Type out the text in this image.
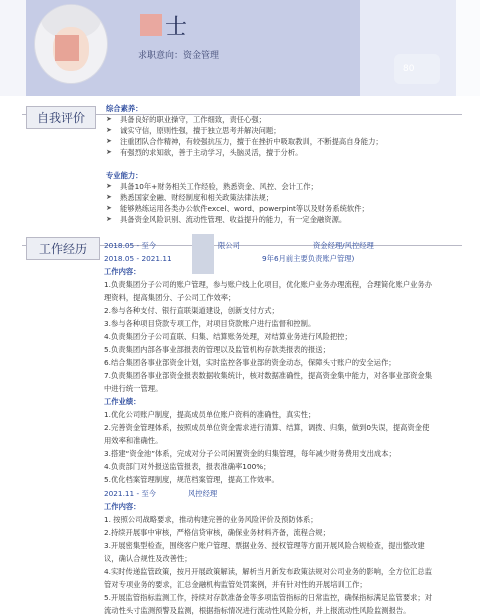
士
求职意向：资金管理
80
自我评价
综合素养：
➤ 具备良好的职业操守，工作细致，责任心强；
➤ 诚实守信，原则性强，擅于独立思考并解决问题；
➤ 注重团队合作精神，有较强抗压力，擅于在挫折中吸取教训，不断提高自身能力；
➤ 有强烈的求知欲，善于主动学习，头脑灵活，擅于分析。
专业能力：
➤ 具备10年+财务相关工作经验，熟悉资金、风控、会计工作；
➤ 熟悉国家金融、财经制度和相关政策法律法规；
➤ 能够熟练运用各类办公软件excel、word、powerpint等以及财务系统软件；
➤ 具备资金风险识别、流动性管理、收益提升的能力，有一定金融资源。
工作经历	2018.05 - 至今	限公司	资金经理/风控经理
2018.05 - 2021.11	9年6月前主要负责账户管理)
工作内容：
1.负责集团分子公司的账户管理，参与账户线上化项目，优化账户业务办理流程，合理简化账户业务办
理资料，提高集团分、子公司工作效率；
2.参与各种支付、银行直联渠道建设，创新支付方式；
3.参与各种项目贷款专项工作，对项目贷款账户进行监督和控制。
4.负责集团分子公司直联、归集、结算账务处理，对结算业务进行风险把控；
5.负责集团内部各事业部报表的管理以及监管机构存款类报表的报送；
6.结合集团各事业部资金计划，实时监控各事业部的资金动态，保障头寸账户的安全运作；
7.负责集团各事业部资金报表数据收集统计，核对数据准确性，提高资金集中能力，对各事业部资金集
中进行统一管理。
工作业绩：
1.优化公司账户制度，提高成员单位账户资料的准确性，真实性；
2.完善资金管理体系，按照成员单位资金需求进行清算、结算，调拨、归集，做到0失误，提高资金使
用效率和准确性。
3.搭建“资金池”体系，完成对分子公司闲置资金的归集管理，每年减少财务费用支出成本；
4.负责部门对外报送监管报表，报表准确率100%；
5.优化档案管理制度，规范档案管理，提高工作效率。
2021.11 - 至今	风控经理
工作内容：
1. 按照公司战略要求，推动构建完善的业务风险评价及预防体系；
2.持续开展事中审核，严格信贷审核，确保业务材料齐备，流程合规；
3.开展密集型检查，围绕客户账户管理、票据业务、授权管理等方面开展风险合规检查，提出整改建
议，确认合规性及改善性；
4.实时传递监管政策，按月开展政策解读，解析当月新发布政策法规对公司业务的影响，全方位汇总监
管对专项业务的要求，汇总金融机构监管处罚案例，并有针对性的开展培训工作；
5.开展监管指标监测工作，持续对存款准备金等多项监管指标的日常监控，确保指标满足监管要求；对
流动性头寸监测预警及监测，根据指标情况进行流动性风险分析，并上报流动性风险监测报告。
